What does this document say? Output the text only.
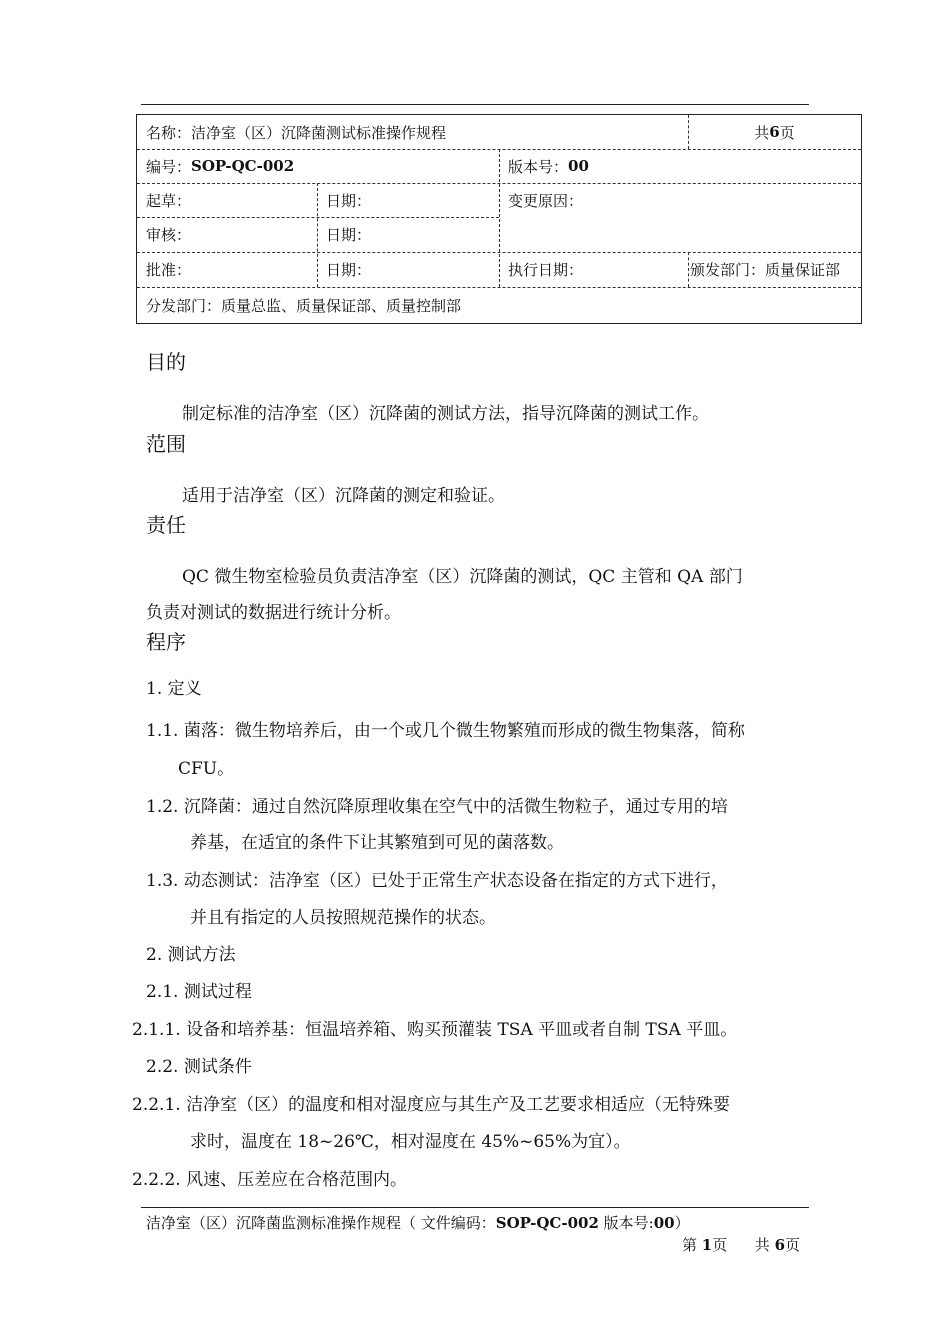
名称：洁净室（区）沉降菌测试标准操作规程	共 6 页
编号： SOP-QC-002	版本号： 00
起草：	日期：	变更原因：
审核：	日期：
批准：	日期：	执行日期：	颁发部门：质量保证部
分发部门：质量总监、质量保证部、质量控制部
目的
制定标准的洁净室（区）沉降菌的测试方法，指导沉降菌的测试工作。
范围
适用于洁净室（区）沉降菌的测定和验证。
责任
QC 微生物室检验员负责洁净室（区）沉降菌的测试，QC 主管和 QA 部门
负责对测试的数据进行统计分析。
程序
1. 定义
1.1. 菌落：微生物培养后，由一个或几个微生物繁殖而形成的微生物集落，简称
CFU。
1.2. 沉降菌：通过自然沉降原理收集在空气中的活微生物粒子，通过专用的培
养基，在适宜的条件下让其繁殖到可见的菌落数。
1.3. 动态测试：洁净室（区）已处于正常生产状态设备在指定的方式下进行，
并且有指定的人员按照规范操作的状态。
2. 测试方法
2.1. 测试过程
2.1.1. 设备和培养基：恒温培养箱、购买预灌装 TSA 平皿或者自制 TSA 平皿。
2.2. 测试条件
2.2.1. 洁净室（区）的温度和相对湿度应与其生产及工艺要求相适应（无特殊要
求时，温度在 18~26℃，相对湿度在 45%~65%为宜）。
2.2.2. 风速、压差应在合格范围内。
洁净室（区）沉降菌监测标准操作规程（ 文件编码：SOP-QC-002 版本号:00）
第 1页 共 6页
